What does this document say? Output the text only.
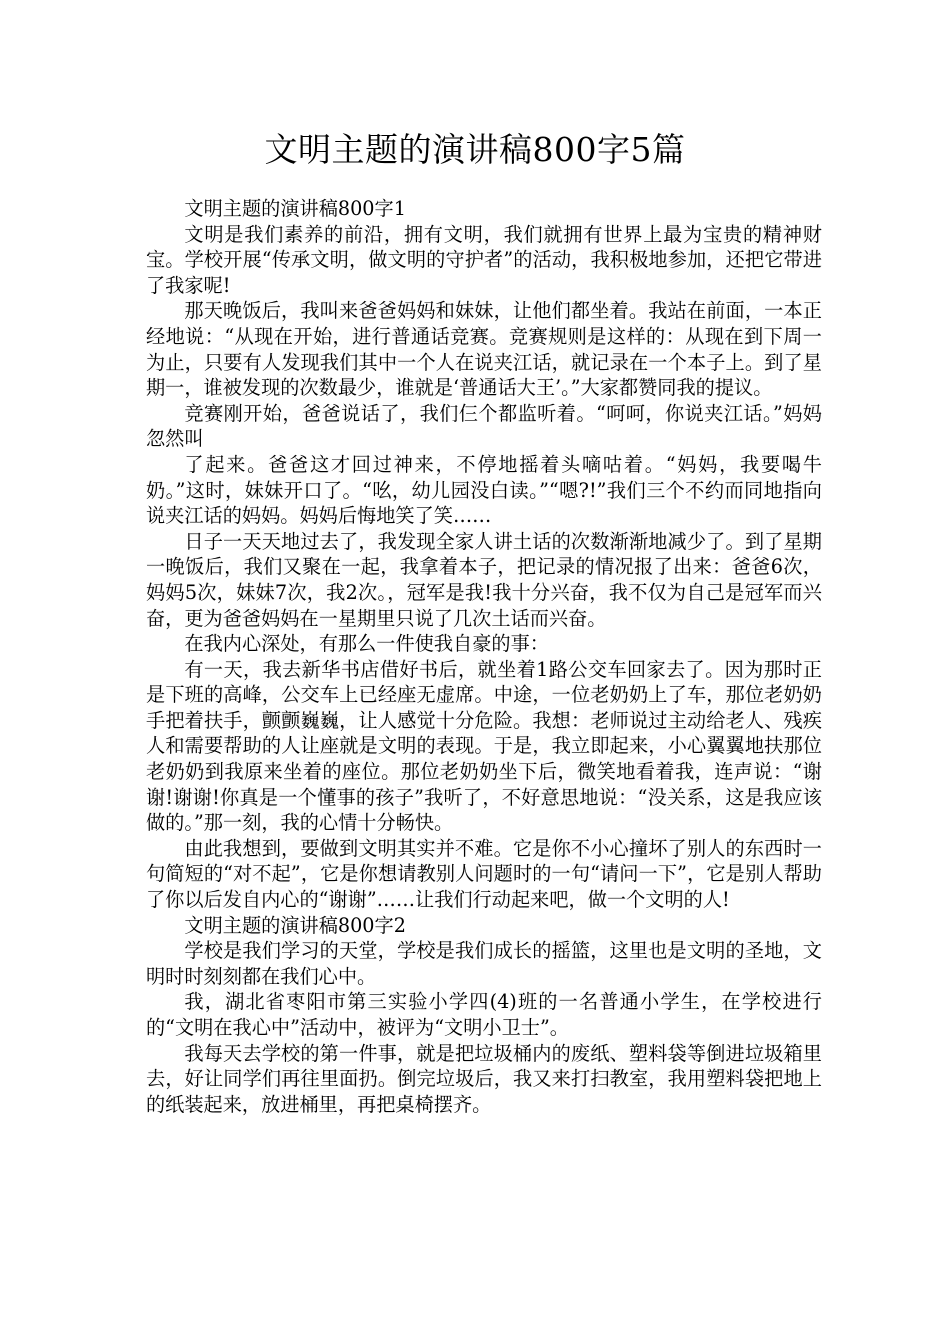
文明主题的演讲稿800字5篇

文明主题的演讲稿800字1

文明是我们素养的前沿，拥有文明，我们就拥有世界上最为宝贵的精神财宝。学校开展“传承文明，做文明的守护者”的活动，我积极地参加，还把它带进了我家呢!

那天晚饭后，我叫来爸爸妈妈和妹妹，让他们都坐着。我站在前面，一本正经地说：“从现在开始，进行普通话竞赛。竞赛规则是这样的：从现在到下周一为止，只要有人发现我们其中一个人在说夹江话，就记录在一个本子上。到了星期一，谁被发现的次数最少，谁就是‘普通话大王’。”大家都赞同我的提议。

竞赛刚开始，爸爸说话了，我们仨个都监听着。“呵呵，你说夹江话。”妈妈忽然叫

了起来。爸爸这才回过神来，不停地摇着头嘀咕着。“妈妈，我要喝牛奶。”这时，妹妹开口了。“吆，幼儿园没白读。”“嗯?!”我们三个不约而同地指向说夹江话的妈妈。妈妈后悔地笑了笑……

日子一天天地过去了，我发现全家人讲土话的次数渐渐地减少了。到了星期一晚饭后，我们又聚在一起，我拿着本子，把记录的情况报了出来：爸爸6次，妈妈5次，妹妹7次，我2次。，冠军是我!我十分兴奋，我不仅为自己是冠军而兴奋，更为爸爸妈妈在一星期里只说了几次土话而兴奋。

在我内心深处，有那么一件使我自豪的事：

有一天，我去新华书店借好书后，就坐着1路公交车回家去了。因为那时正是下班的高峰，公交车上已经座无虚席。中途，一位老奶奶上了车，那位老奶奶手把着扶手，颤颤巍巍，让人感觉十分危险。我想：老师说过主动给老人、残疾人和需要帮助的人让座就是文明的表现。于是，我立即起来，小心翼翼地扶那位老奶奶到我原来坐着的座位。那位老奶奶坐下后，微笑地看着我，连声说：“谢谢!谢谢!你真是一个懂事的孩子”我听了，不好意思地说：“没关系，这是我应该做的。”那一刻，我的心情十分畅快。

由此我想到，要做到文明其实并不难。它是你不小心撞坏了别人的东西时一句简短的“对不起”，它是你想请教别人问题时的一句“请问一下”，它是别人帮助了你以后发自内心的“谢谢”……让我们行动起来吧，做一个文明的人!

文明主题的演讲稿800字2

学校是我们学习的天堂，学校是我们成长的摇篮，这里也是文明的圣地，文明时时刻刻都在我们心中。

我，湖北省枣阳市第三实验小学四(4)班的一名普通小学生，在学校进行的“文明在我心中”活动中，被评为“文明小卫士”。

我每天去学校的第一件事，就是把垃圾桶内的废纸、塑料袋等倒进垃圾箱里去，好让同学们再往里面扔。倒完垃圾后，我又来打扫教室，我用塑料袋把地上的纸装起来，放进桶里，再把桌椅摆齐。
